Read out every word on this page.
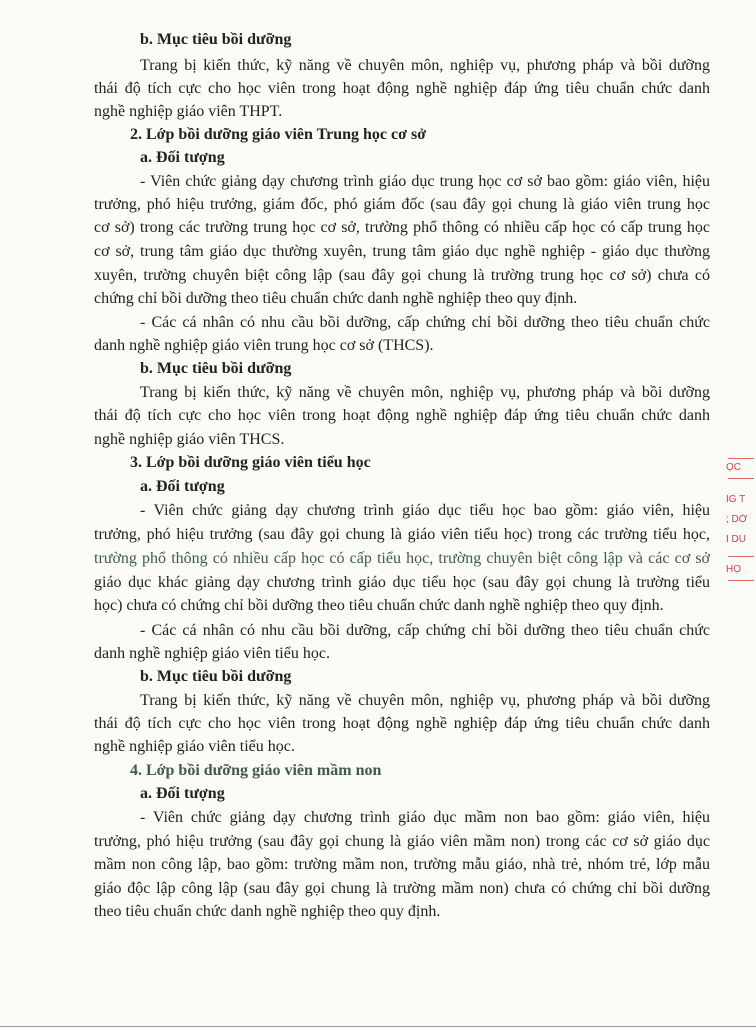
b. Mục tiêu bồi dưỡng
Trang bị kiến thức, kỹ năng về chuyên môn, nghiệp vụ, phương pháp và bồi dưỡng
thái độ tích cực cho học viên trong hoạt động nghề nghiệp đáp ứng tiêu chuẩn chức danh
nghề nghiệp giáo viên THPT.
2. Lớp bồi dưỡng giáo viên Trung học cơ sở
a. Đối tượng
- Viên chức giảng dạy chương trình giáo dục trung học cơ sở bao gồm: giáo viên, hiệu
trưởng, phó hiệu trưởng, giám đốc, phó giám đốc (sau đây gọi chung là giáo viên trung học
cơ sở) trong các trường trung học cơ sở, trường phổ thông có nhiều cấp học có cấp trung học
cơ sở, trung tâm giáo dục thường xuyên, trung tâm giáo dục nghề nghiệp - giáo dục thường
xuyên, trường chuyên biệt công lập (sau đây gọi chung là trường trung học cơ sở) chưa có
chứng chỉ bồi dưỡng theo tiêu chuẩn chức danh nghề nghiệp theo quy định.
- Các cá nhân có nhu cầu bồi dưỡng, cấp chứng chỉ bồi dưỡng theo tiêu chuẩn chức
danh nghề nghiệp giáo viên trung học cơ sở (THCS).
b. Mục tiêu bồi dưỡng
Trang bị kiến thức, kỹ năng về chuyên môn, nghiệp vụ, phương pháp và bồi dưỡng
thái độ tích cực cho học viên trong hoạt động nghề nghiệp đáp ứng tiêu chuẩn chức danh
nghề nghiệp giáo viên THCS.
3. Lớp bồi dưỡng giáo viên tiểu học
a. Đối tượng
- Viên chức giảng dạy chương trình giáo dục tiểu học bao gồm: giáo viên, hiệu
trưởng, phó hiệu trưởng (sau đây gọi chung là giáo viên tiểu học) trong các trường tiểu học,
trường phổ thông có nhiều cấp học có cấp tiểu học, trường chuyên biệt công lập và các cơ sở
giáo dục khác giảng dạy chương trình giáo dục tiểu học (sau đây gọi chung là trường tiểu
học) chưa có chứng chỉ bồi dưỡng theo tiêu chuẩn chức danh nghề nghiệp theo quy định.
- Các cá nhân có nhu cầu bồi dưỡng, cấp chứng chỉ bồi dưỡng theo tiêu chuẩn chức
danh nghề nghiệp giáo viên tiểu học.
b. Mục tiêu bồi dưỡng
Trang bị kiến thức, kỹ năng về chuyên môn, nghiệp vụ, phương pháp và bồi dưỡng
thái độ tích cực cho học viên trong hoạt động nghề nghiệp đáp ứng tiêu chuẩn chức danh
nghề nghiệp giáo viên tiểu học.
4. Lớp bồi dưỡng giáo viên mầm non
a. Đối tượng
- Viên chức giảng dạy chương trình giáo dục mầm non bao gồm: giáo viên, hiệu
trưởng, phó hiệu trưởng (sau đây gọi chung là giáo viên mầm non) trong các cơ sở giáo dục
mầm non công lập, bao gồm: trường mầm non, trường mẫu giáo, nhà trẻ, nhóm trẻ, lớp mẫu
giáo độc lập công lập (sau đây gọi chung là trường mầm non) chưa có chứng chỉ bồi dưỡng
theo tiêu chuẩn chức danh nghề nghiệp theo quy định.
ỌC
IG T
; DỞ
I DU
HỌ
